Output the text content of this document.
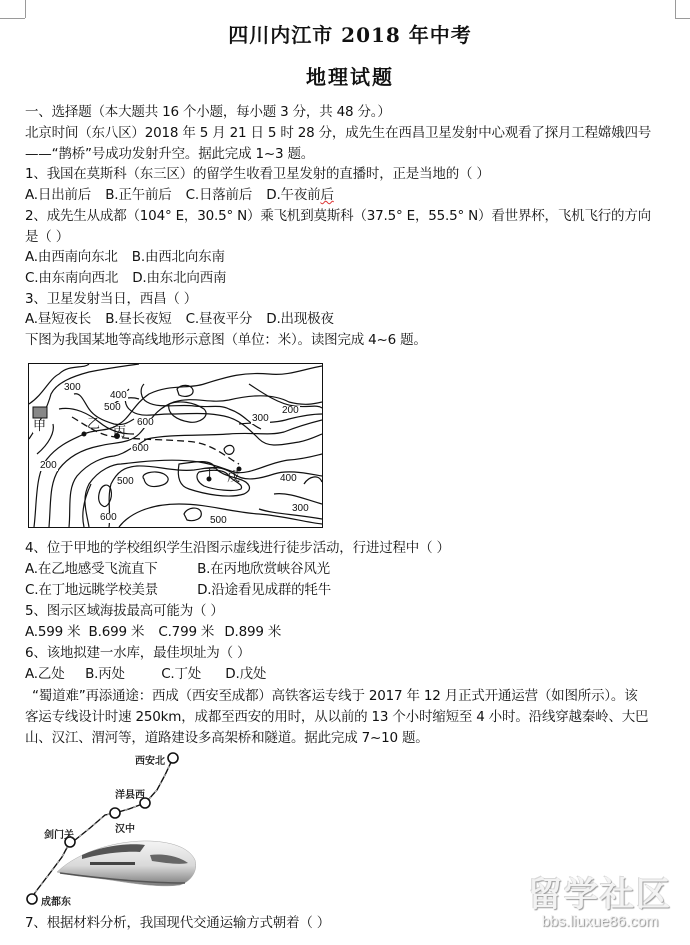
四川内江市 2018 年中考
地理试题
一、选择题（本大题共 16 个小题，每小题 3 分，共 48 分。）
北京时间（东八区）2018 年 5 月 21 日 5 时 28 分，成先生在西昌卫星发射中心观看了探月工程嫦娥四号
——“鹊桥”号成功发射升空。据此完成 1~3 题。
1、我国在莫斯科（东三区）的留学生收看卫星发射的直播时，正是当地的（ ）
A.日出前后 B.正午前后 C.日落前后 D.午夜前后
2、成先生从成都（104° E，30.5° N）乘飞机到莫斯科（37.5° E，55.5° N）看世界杯，飞机飞行的方向
是（ ）
A.由西南向东北 B.由西北向东南
C.由东南向西北 D.由东北向西南
3、卫星发射当日，西昌（ ）
A.昼短夜长 B.昼长夜短 C.昼夜平分 D.出现极夜
下图为我国某地等高线地形示意图（单位：米）。读图完成 4~6 题。
300
400
500
600
200
300
600
200
500
600
400
300
500
甲	乙
丙
丁 戊
4、位于甲地的学校组织学生沿图示虚线进行徒步活动，行进过程中（ ）
A.在乙地感受飞流直下	B.在丙地欣赏峡谷风光
C.在丁地远眺学校美景	D.沿途看见成群的牦牛
5、图示区域海拔最高可能为（ ）
A.599 米 B.699 米 C.799 米 D.899 米
6、该地拟建一水库，最佳坝址为（ ）
A.乙处 B.丙处	C.丁处 D.戊处
“蜀道难”再添通途：西成（西安至成都）高铁客运专线于 2017 年 12 月正式开通运营（如图所示）。该
客运专线设计时速 250km，成都至西安的用时，从以前的 13 个小时缩短至 4 小时。沿线穿越秦岭、大巴
山、汉江、渭河等，道路建设多高架桥和隧道。据此完成 7~10 题。
西安北
洋县西
汉中
剑门关
成都东
7、根据材料分析，我国现代交通运输方式朝着（ ）
留学社区
bbs.liuxue86.com
